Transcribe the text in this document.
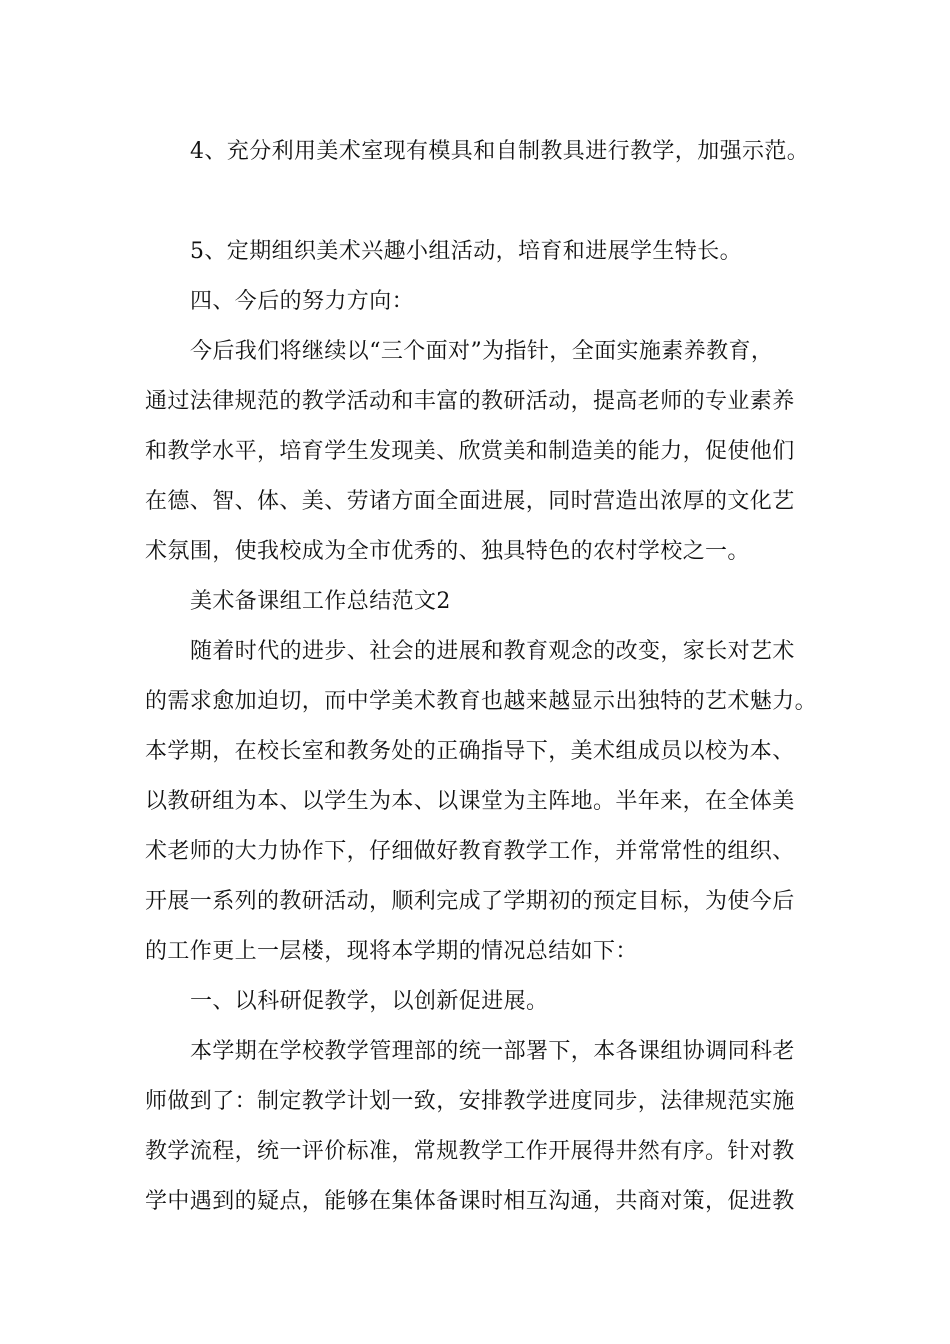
4、充分利用美术室现有模具和自制教具进行教学，加强示范。
5、定期组织美术兴趣小组活动，培育和进展学生特长。
四、今后的努力方向：
今后我们将继续以“三个面对”为指针，全面实施素养教育，
通过法律规范的教学活动和丰富的教研活动，提高老师的专业素养
和教学水平，培育学生发现美、欣赏美和制造美的能力，促使他们
在德、智、体、美、劳诸方面全面进展，同时营造出浓厚的文化艺
术氛围，使我校成为全市优秀的、独具特色的农村学校之一。
美术备课组工作总结范文2
随着时代的进步、社会的进展和教育观念的改变，家长对艺术
的需求愈加迫切，而中学美术教育也越来越显示出独特的艺术魅力。
本学期，在校长室和教务处的正确指导下，美术组成员以校为本、
以教研组为本、以学生为本、以课堂为主阵地。半年来，在全体美
术老师的大力协作下，仔细做好教育教学工作，并常常性的组织、
开展一系列的教研活动，顺利完成了学期初的预定目标，为使今后
的工作更上一层楼，现将本学期的情况总结如下：
一、以科研促教学，以创新促进展。
本学期在学校教学管理部的统一部署下，本各课组协调同科老
师做到了：制定教学计划一致，安排教学进度同步，法律规范实施
教学流程，统一评价标准，常规教学工作开展得井然有序。针对教
学中遇到的疑点，能够在集体备课时相互沟通，共商对策，促进教
